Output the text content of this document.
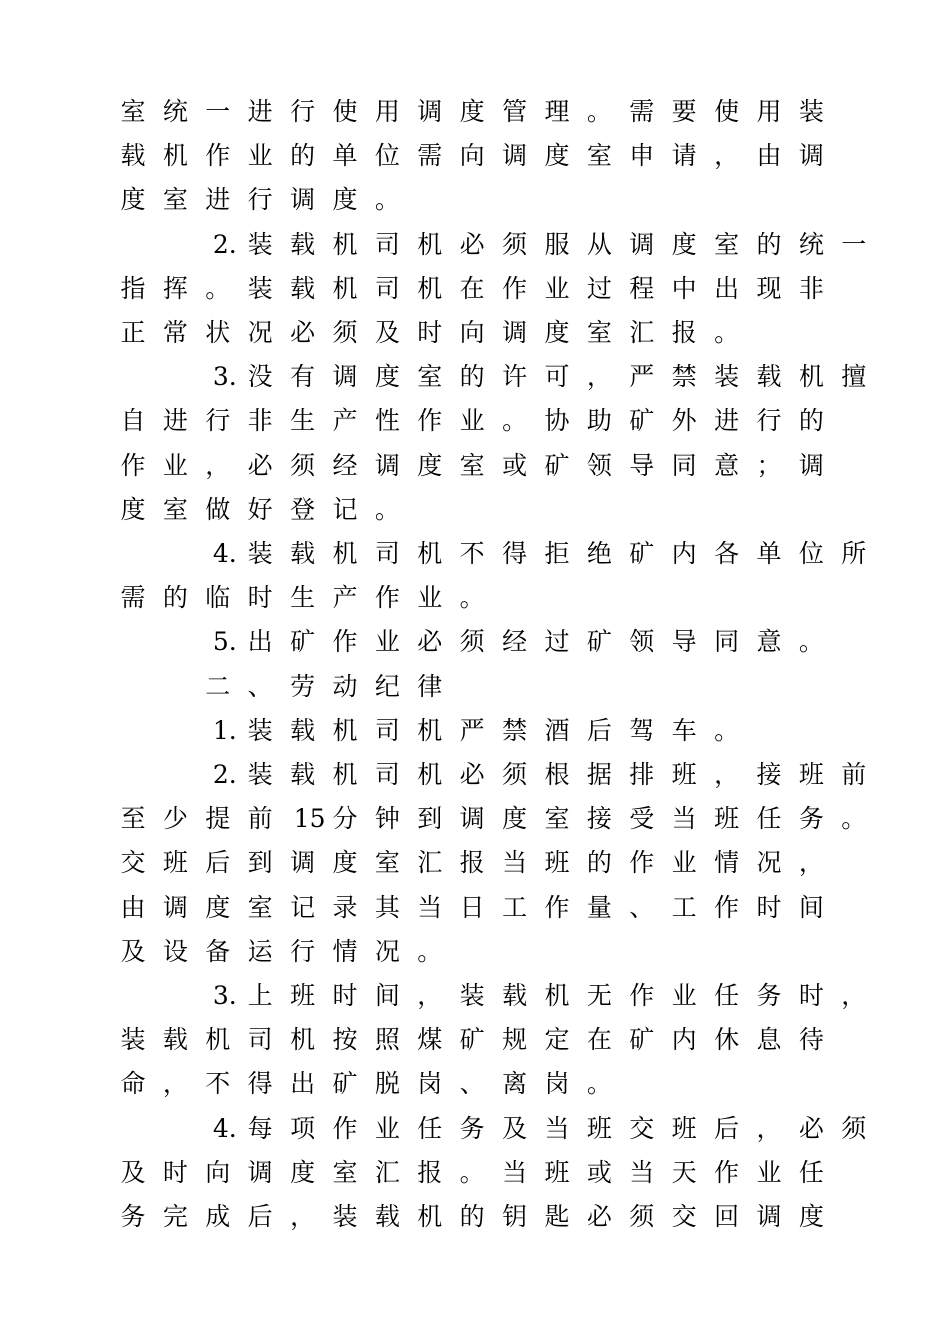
室 统 一 进 行 使 用 调 度 管 理 。 需 要 使 用 装
载 机 作 业 的 单 位 需 向 调 度 室 申 请 ， 由 调
度 室 进 行 调 度 。
2. 装 载 机 司 机 必 须 服 从 调 度 室 的 统 一
指 挥 。 装 载 机 司 机 在 作 业 过 程 中 出 现 非
正 常 状 况 必 须 及 时 向 调 度 室 汇 报 。
3. 没 有 调 度 室 的 许 可 ， 严 禁 装 载 机 擅
自 进 行 非 生 产 性 作 业 。 协 助 矿 外 进 行 的
作 业 ， 必 须 经 调 度 室 或 矿 领 导 同 意 ； 调
度 室 做 好 登 记 。
4. 装 载 机 司 机 不 得 拒 绝 矿 内 各 单 位 所
需 的 临 时 生 产 作 业 。
5. 出 矿 作 业 必 须 经 过 矿 领 导 同 意 。
二 、 劳 动 纪 律
1. 装 载 机 司 机 严 禁 酒 后 驾 车 。
2. 装 载 机 司 机 必 须 根 据 排 班 ， 接 班 前
至 少 提 前 15 分 钟 到 调 度 室 接 受 当 班 任 务 。
交 班 后 到 调 度 室 汇 报 当 班 的 作 业 情 况 ，
由 调 度 室 记 录 其 当 日 工 作 量 、 工 作 时 间
及 设 备 运 行 情 况 。
3. 上 班 时 间 ， 装 载 机 无 作 业 任 务 时 ，
装 载 机 司 机 按 照 煤 矿 规 定 在 矿 内 休 息 待
命 ， 不 得 出 矿 脱 岗 、 离 岗 。
4. 每 项 作 业 任 务 及 当 班 交 班 后 ， 必 须
及 时 向 调 度 室 汇 报 。 当 班 或 当 天 作 业 任
务 完 成 后 ， 装 载 机 的 钥 匙 必 须 交 回 调 度
